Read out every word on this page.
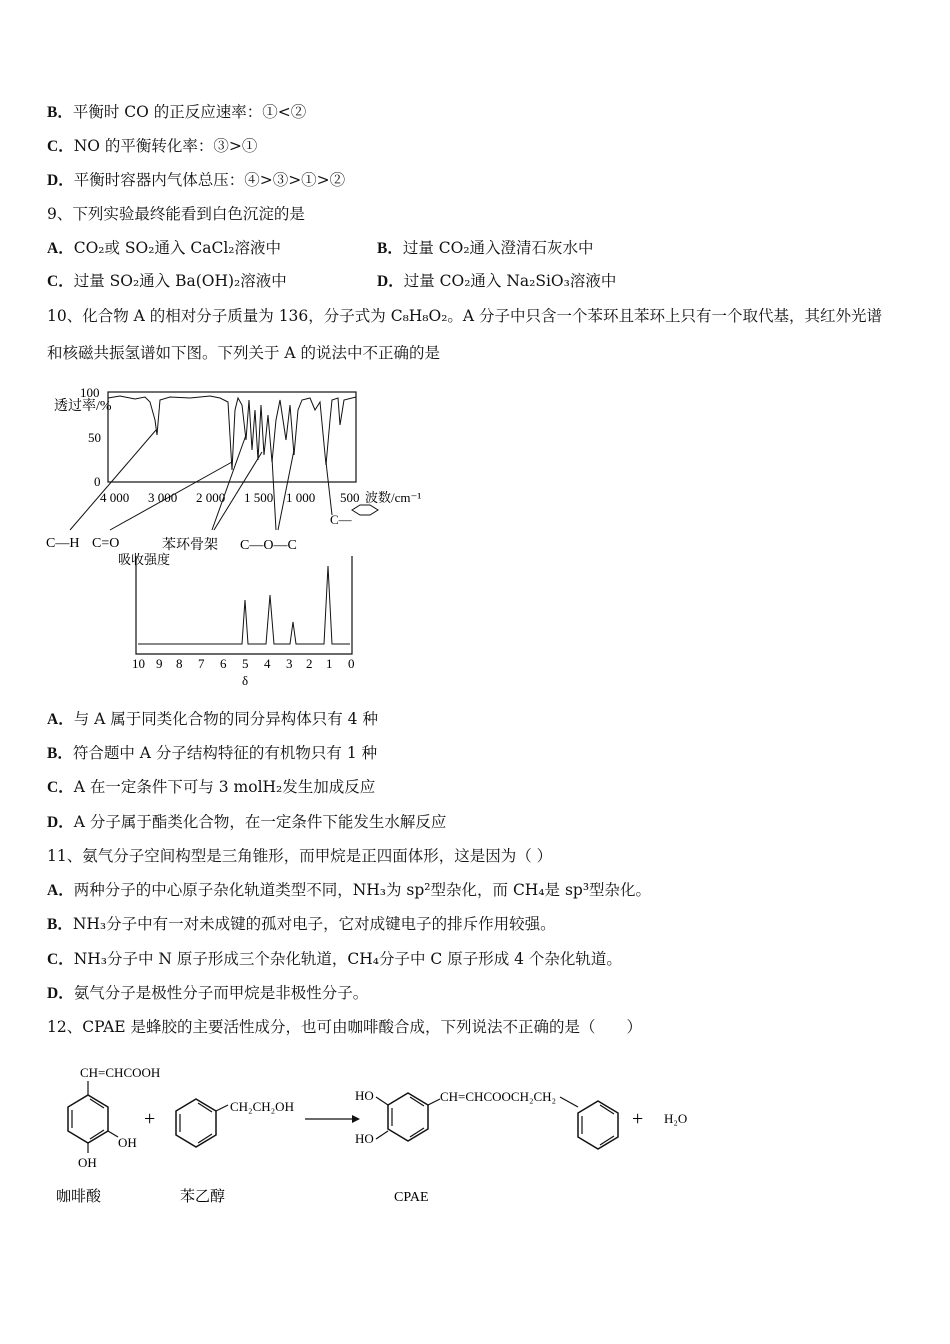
B．平衡时 CO 的正反应速率：①<②
C．NO 的平衡转化率：③>①
D．平衡时容器内气体总压：④>③>①>②
9、下列实验最终能看到白色沉淀的是
A．CO₂或 SO₂通入 CaCl₂溶液中	B．过量 CO₂通入澄清石灰水中
C．过量 SO₂通入 Ba(OH)₂溶液中	D．过量 CO₂通入 Na₂SiO₃溶液中
10、化合物 A 的相对分子质量为 136，分子式为 C₈H₈O₂。A 分子中只含一个苯环且苯环上只有一个取代基，其红外光谱
和核磁共振氢谱如下图。下列关于 A 的说法中不正确的是
透过率/%
100
50
0
4 000 3 000 2 000 1 500 1 000 500 波数/cm⁻¹
C—H C=O	苯环骨架 C—O—C
C—
吸收强度
10 9 8 7 6 5 4 3 2 1 0
δ
A．与 A 属于同类化合物的同分异构体只有 4 种
B．符合题中 A 分子结构特征的有机物只有 1 种
C．A 在一定条件下可与 3 molH₂发生加成反应
D．A 分子属于酯类化合物，在一定条件下能发生水解反应
11、氨气分子空间构型是三角锥形，而甲烷是正四面体形，这是因为（ ）
A．两种分子的中心原子杂化轨道类型不同，NH₃为 sp²型杂化，而 CH₄是 sp³型杂化。
B．NH₃分子中有一对未成键的孤对电子，它对成键电子的排斥作用较强。
C．NH₃分子中 N 原子形成三个杂化轨道，CH₄分子中 C 原子形成 4 个杂化轨道。
D．氨气分子是极性分子而甲烷是非极性分子。
12、CPAE 是蜂胶的主要活性成分，也可由咖啡酸合成，下列说法不正确的是（　　）
CH=CHCOOH
OH
OH
+
CH₂CH₂OH
HO
HO
CH=CHCOOCH₂CH₂
+ H₂O
咖啡酸	苯乙醇	CPAE
